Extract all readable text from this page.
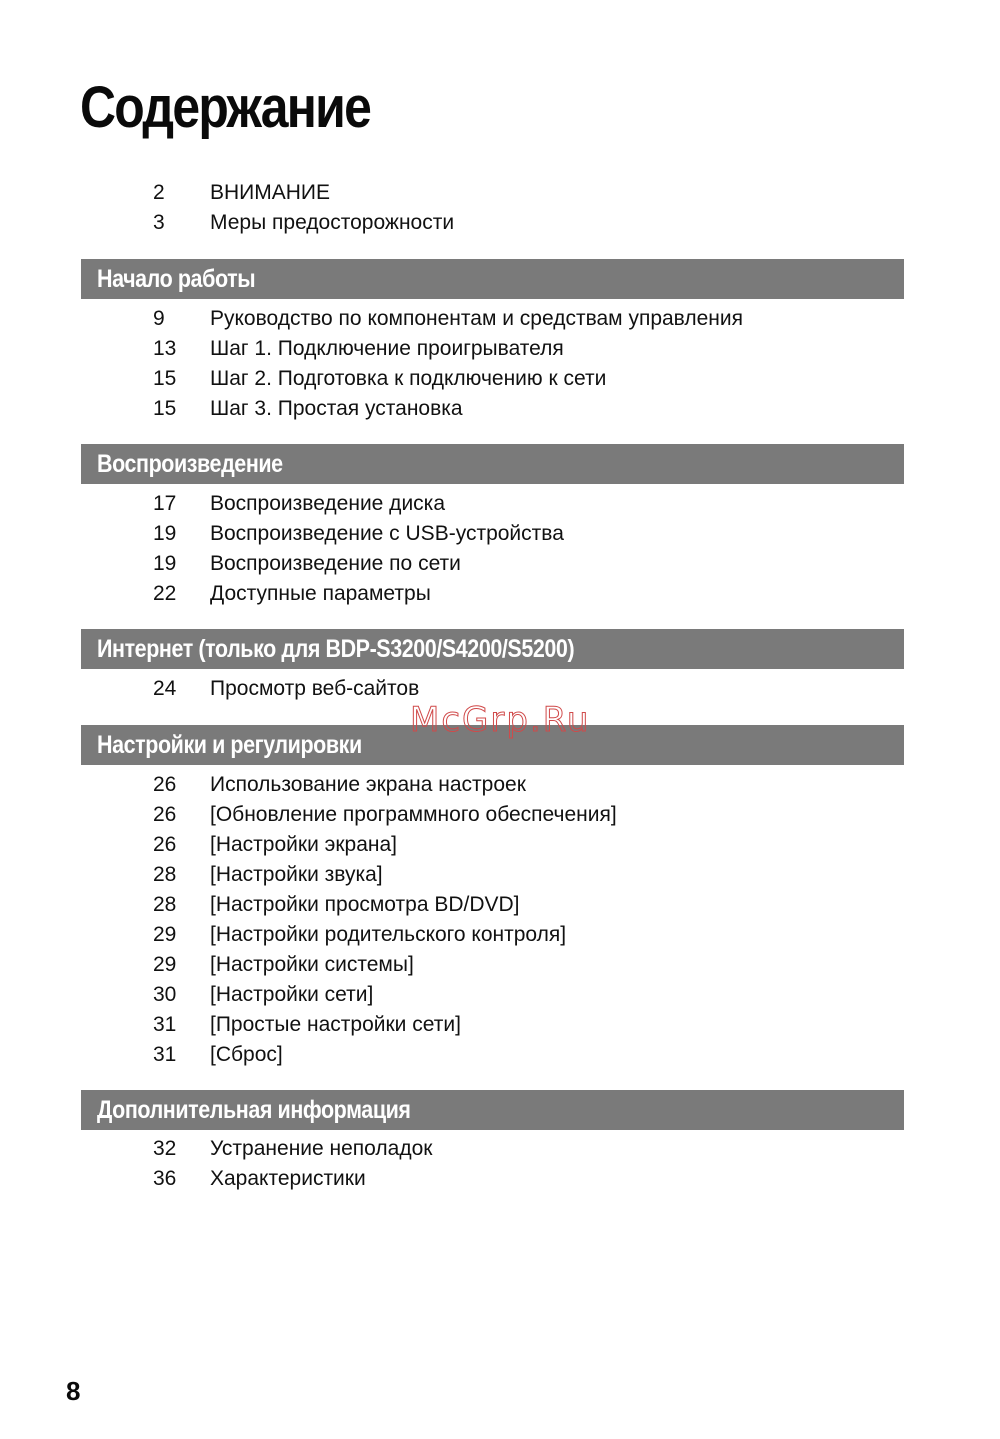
Содержание
2 ВНИМАНИЕ
3 Меры предосторожности
Начало работы
9 Руководство по компонентам и средствам управления
13 Шаг 1. Подключение проигрывателя
15 Шаг 2. Подготовка к подключению к сети
15 Шаг 3. Простая установка
Воспроизведение
17 Воспроизведение диска
19 Воспроизведение с USB-устройства
19 Воспроизведение по сети
22 Доступные параметры
Интернет (только для BDP-S3200/S4200/S5200)
24 Просмотр веб-сайтов
Настройки и регулировки
26 Использование экрана настроек
26 [Обновление программного обеспечения]
26 [Настройки экрана]
28 [Настройки звука]
28 [Настройки просмотра BD/DVD]
29 [Настройки родительского контроля]
29 [Настройки системы]
30 [Настройки сети]
31 [Простые настройки сети]
31 [Сброс]
Дополнительная информация
32 Устранение неполадок
36 Характеристики
McGrp.Ru
8
